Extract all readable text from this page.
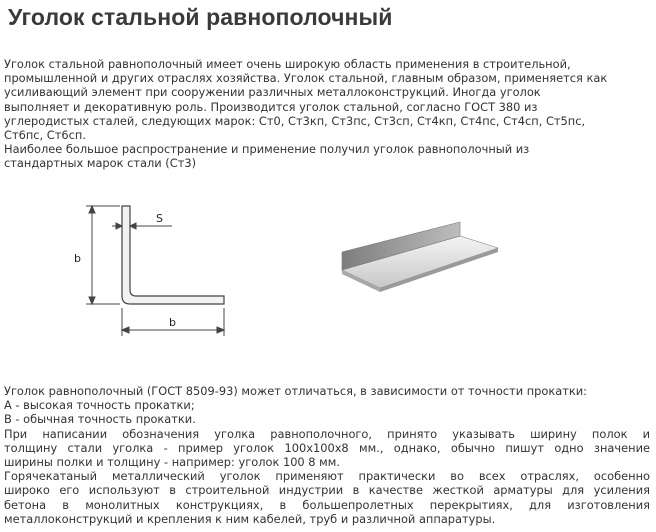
Уголок стальной равнополочный
Уголок стальной равнополочный имеет очень широкую область применения в строительной,
промышленной и других отраслях хозяйства. Уголок стальной, главным образом, применяется как
усиливающий элемент при сооружении различных металлоконструкций. Иногда уголок
выполняет и декоративную роль. Производится уголок стальной, согласно ГОСТ 380 из
углеродистых сталей, следующих марок: Ст0, Ст3кп, Ст3пс, Ст3сп, Ст4кп, Ст4пс, Ст4сп, Ст5пс,
Ст6пс, Ст6сп.
Наиболее большое распространение и применение получил уголок равнополочный из
стандартных марок стали (Ст3)
b
b
S
Уголок равнополочный (ГОСТ 8509-93) может отличаться, в зависимости от точности прокатки:
А - высокая точность прокатки;
В - обычная точность прокатки.
При написании обозначения уголка равнополочного, принято указывать ширину полок и
толщину стали уголка - пример уголок 100х100х8 мм., однако, обычно пишут одно значение
ширины полки и толщину - например: уголок 100 8 мм.
Горячекатаный металлический уголок применяют практически во всех отраслях, особенно
широко его используют в строительной индустрии в качестве жесткой арматуры для усиления
бетона в монолитных конструкциях, в большепролетных перекрытиях, для изготовления
металлоконструкций и крепления к ним кабелей, труб и различной аппаратуры.
